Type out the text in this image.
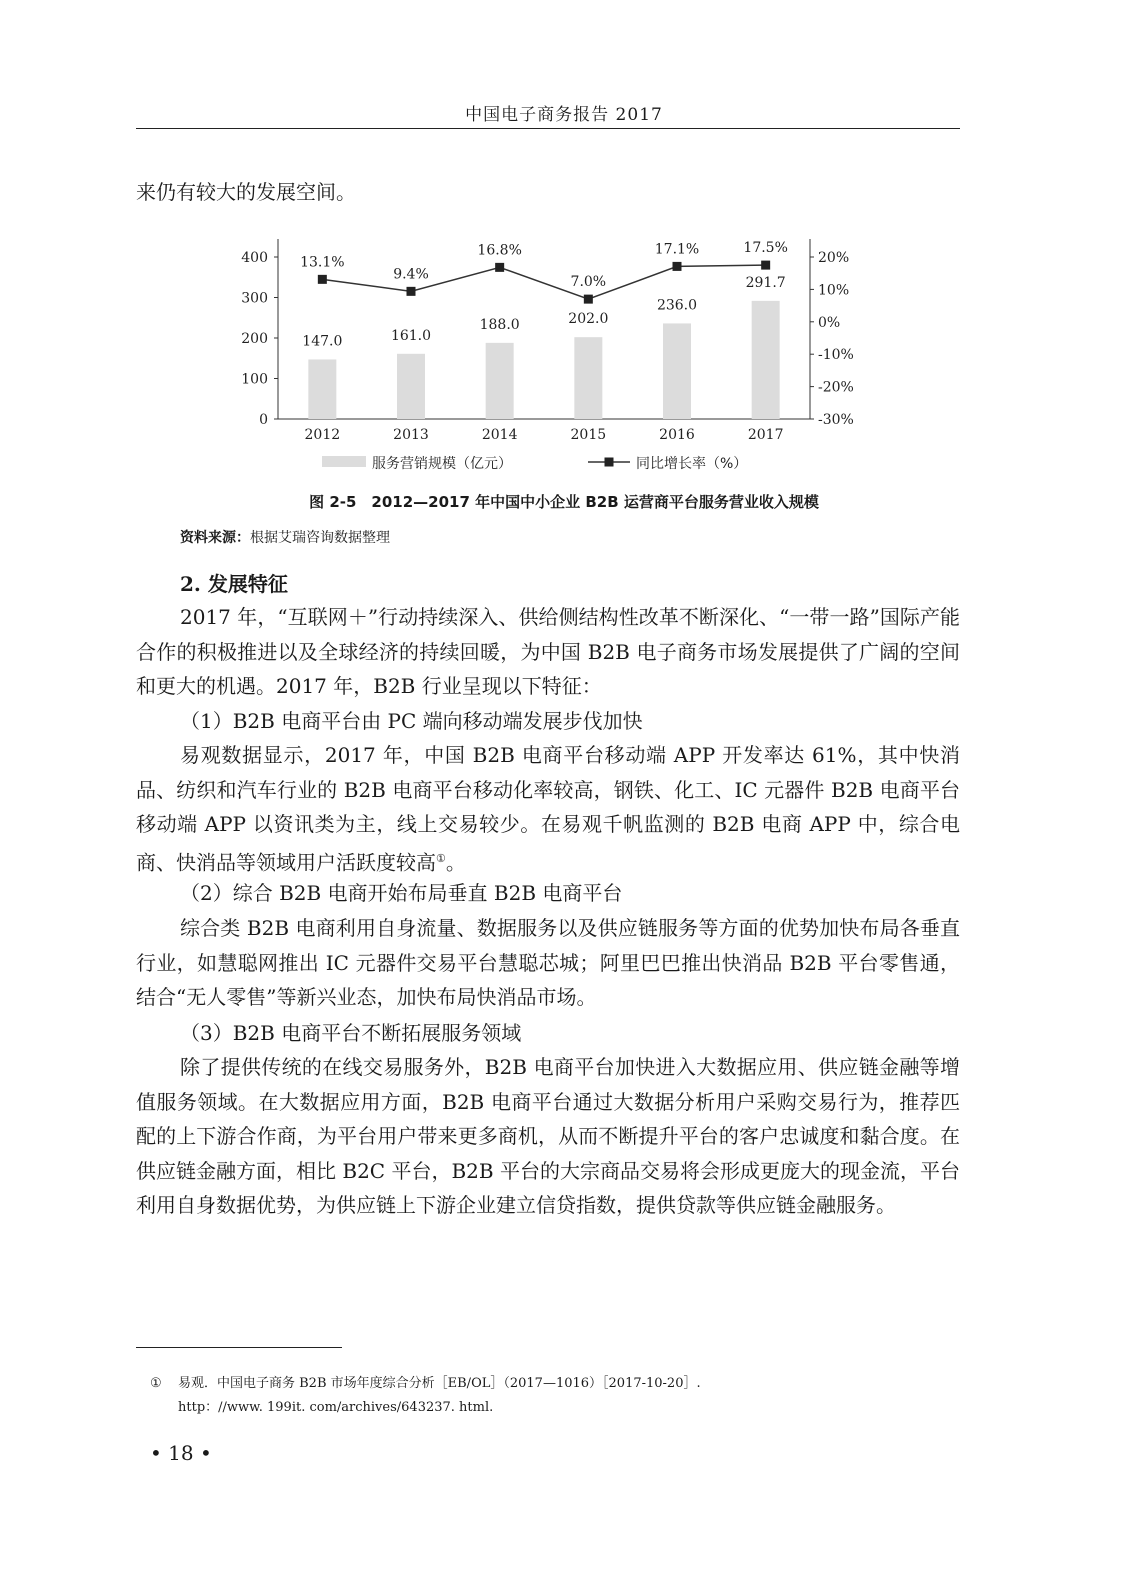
中国电子商务报告 2017
来仍有较大的发展空间。
0
100
200
300
400
-30%
-20%
-10%
0%
10%
20%
2012	2013	2014	2015	2016	2017
147.0	161.0
188.0	202.0
236.0
291.7
13.1%
9.4%
16.8%
7.0%
17.1%	17.5%
服务营销规模（亿元）	同比增长率（%）
图 2-5　2012—2017 年中国中小企业 B2B 运营商平台服务营业收入规模
资料来源：根据艾瑞咨询数据整理
2. 发展特征
2017 年，“互联网＋”行动持续深入、供给侧结构性改革不断深化、“一带一路”国际产能合作的积极推进以及全球经济的持续回暖，为中国 B2B 电子商务市场发展提供了广阔的空间和更大的机遇。2017 年，B2B 行业呈现以下特征：
（1）B2B 电商平台由 PC 端向移动端发展步伐加快
易观数据显示，2017 年，中国 B2B 电商平台移动端 APP 开发率达 61%，其中快消品、纺织和汽车行业的 B2B 电商平台移动化率较高，钢铁、化工、IC 元器件 B2B 电商平台移动端 APP 以资讯类为主，线上交易较少。在易观千帆监测的 B2B 电商 APP 中，综合电商、快消品等领域用户活跃度较高①。
（2）综合 B2B 电商开始布局垂直 B2B 电商平台
综合类 B2B 电商利用自身流量、数据服务以及供应链服务等方面的优势加快布局各垂直行业，如慧聪网推出 IC 元器件交易平台慧聪芯城；阿里巴巴推出快消品 B2B 平台零售通，结合“无人零售”等新兴业态，加快布局快消品市场。
（3）B2B 电商平台不断拓展服务领域
除了提供传统的在线交易服务外，B2B 电商平台加快进入大数据应用、供应链金融等增值服务领域。在大数据应用方面，B2B 电商平台通过大数据分析用户采购交易行为，推荐匹配的上下游合作商，为平台用户带来更多商机，从而不断提升平台的客户忠诚度和黏合度。在供应链金融方面，相比 B2C 平台，B2B 平台的大宗商品交易将会形成更庞大的现金流，平台利用自身数据优势，为供应链上下游企业建立信贷指数，提供贷款等供应链金融服务。
① 易观．中国电子商务 B2B 市场年度综合分析［EB/OL］（2017—1016）［2017-10-20］.
http：//www. 199it. com/archives/643237. html.
• 18 •
